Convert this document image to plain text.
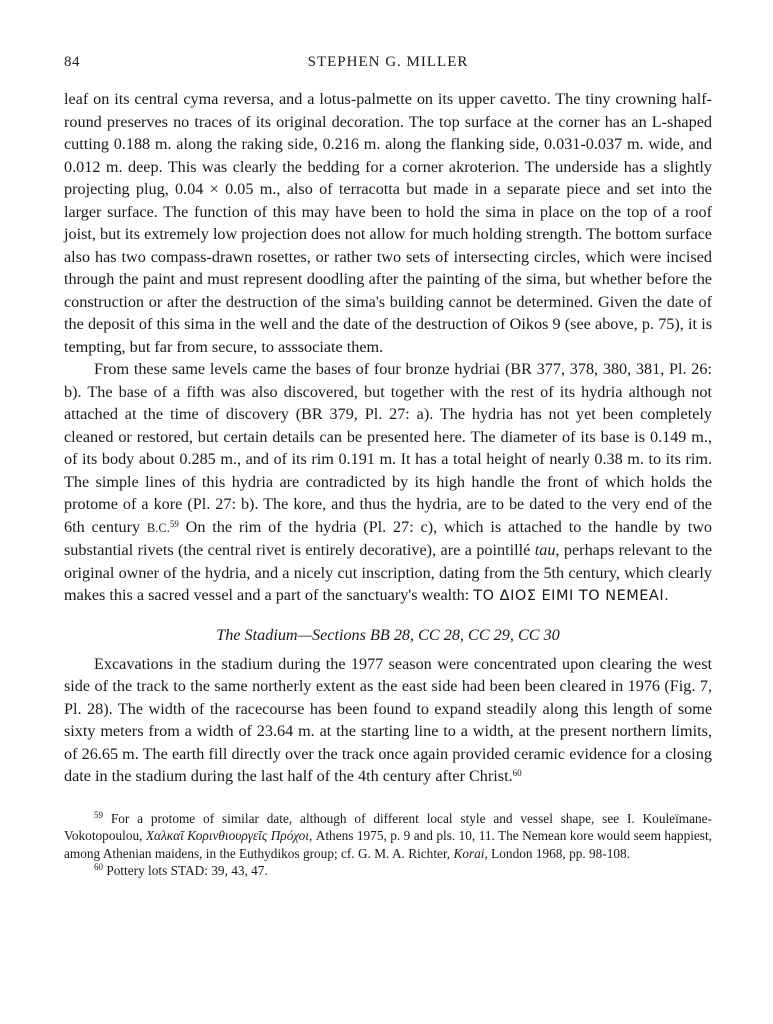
84	STEPHEN G. MILLER

leaf on its central cyma reversa, and a lotus-palmette on its upper cavetto. The tiny crowning half-round preserves no traces of its original decoration. The top surface at the corner has an L-shaped cutting 0.188 m. along the raking side, 0.216 m. along the flanking side, 0.031-0.037 m. wide, and 0.012 m. deep. This was clearly the bedding for a corner akroterion. The underside has a slightly projecting plug, 0.04 × 0.05 m., also of terracotta but made in a separate piece and set into the larger surface. The function of this may have been to hold the sima in place on the top of a roof joist, but its extremely low projection does not allow for much holding strength. The bottom surface also has two compass-drawn rosettes, or rather two sets of intersecting circles, which were incised through the paint and must represent doodling after the painting of the sima, but whether before the construction or after the destruction of the sima's building cannot be determined. Given the date of the deposit of this sima in the well and the date of the destruction of Oikos 9 (see above, p. 75), it is tempting, but far from secure, to asssociate them.

From these same levels came the bases of four bronze hydriai (BR 377, 378, 380, 381, Pl. 26: b). The base of a fifth was also discovered, but together with the rest of its hydria although not attached at the time of discovery (BR 379, Pl. 27: a). The hydria has not yet been completely cleaned or restored, but certain details can be presented here. The diameter of its base is 0.149 m., of its body about 0.285 m., and of its rim 0.191 m. It has a total height of nearly 0.38 m. to its rim. The simple lines of this hydria are contradicted by its high handle the front of which holds the protome of a kore (Pl. 27: b). The kore, and thus the hydria, are to be dated to the very end of the 6th century B.C.$^{59}$ On the rim of the hydria (Pl. 27: c), which is attached to the handle by two substantial rivets (the central rivet is entirely decorative), are a pointillé tau, perhaps relevant to the original owner of the hydria, and a nicely cut inscription, dating from the 5th century, which clearly makes this a sacred vessel and a part of the sanctuary's wealth: ΤΟ ΔΙΟΣ ΕΙΜΙ ΤΟ ΝΕΜΕΑΙ.

The Stadium—Sections BB 28, CC 28, CC 29, CC 30

Excavations in the stadium during the 1977 season were concentrated upon clearing the west side of the track to the same northerly extent as the east side had been been cleared in 1976 (Fig. 7, Pl. 28). The width of the racecourse has been found to expand steadily along this length of some sixty meters from a width of 23.64 m. at the starting line to a width, at the present northern limits, of 26.65 m. The earth fill directly over the track once again provided ceramic evidence for a closing date in the stadium during the last half of the 4th century after Christ.$^{60}$

$^{59}$ For a protome of similar date, although of different local style and vessel shape, see I. Kouleïmane-Vokotopoulou, Χαλκαῖ Κορινθιουργεῖς Πρόχοι, Athens 1975, p. 9 and pls. 10, 11. The Nemean kore would seem happiest, among Athenian maidens, in the Euthydikos group; cf. G. M. A. Richter, Korai, London 1968, pp. 98-108.

$^{60}$ Pottery lots STAD: 39, 43, 47.
